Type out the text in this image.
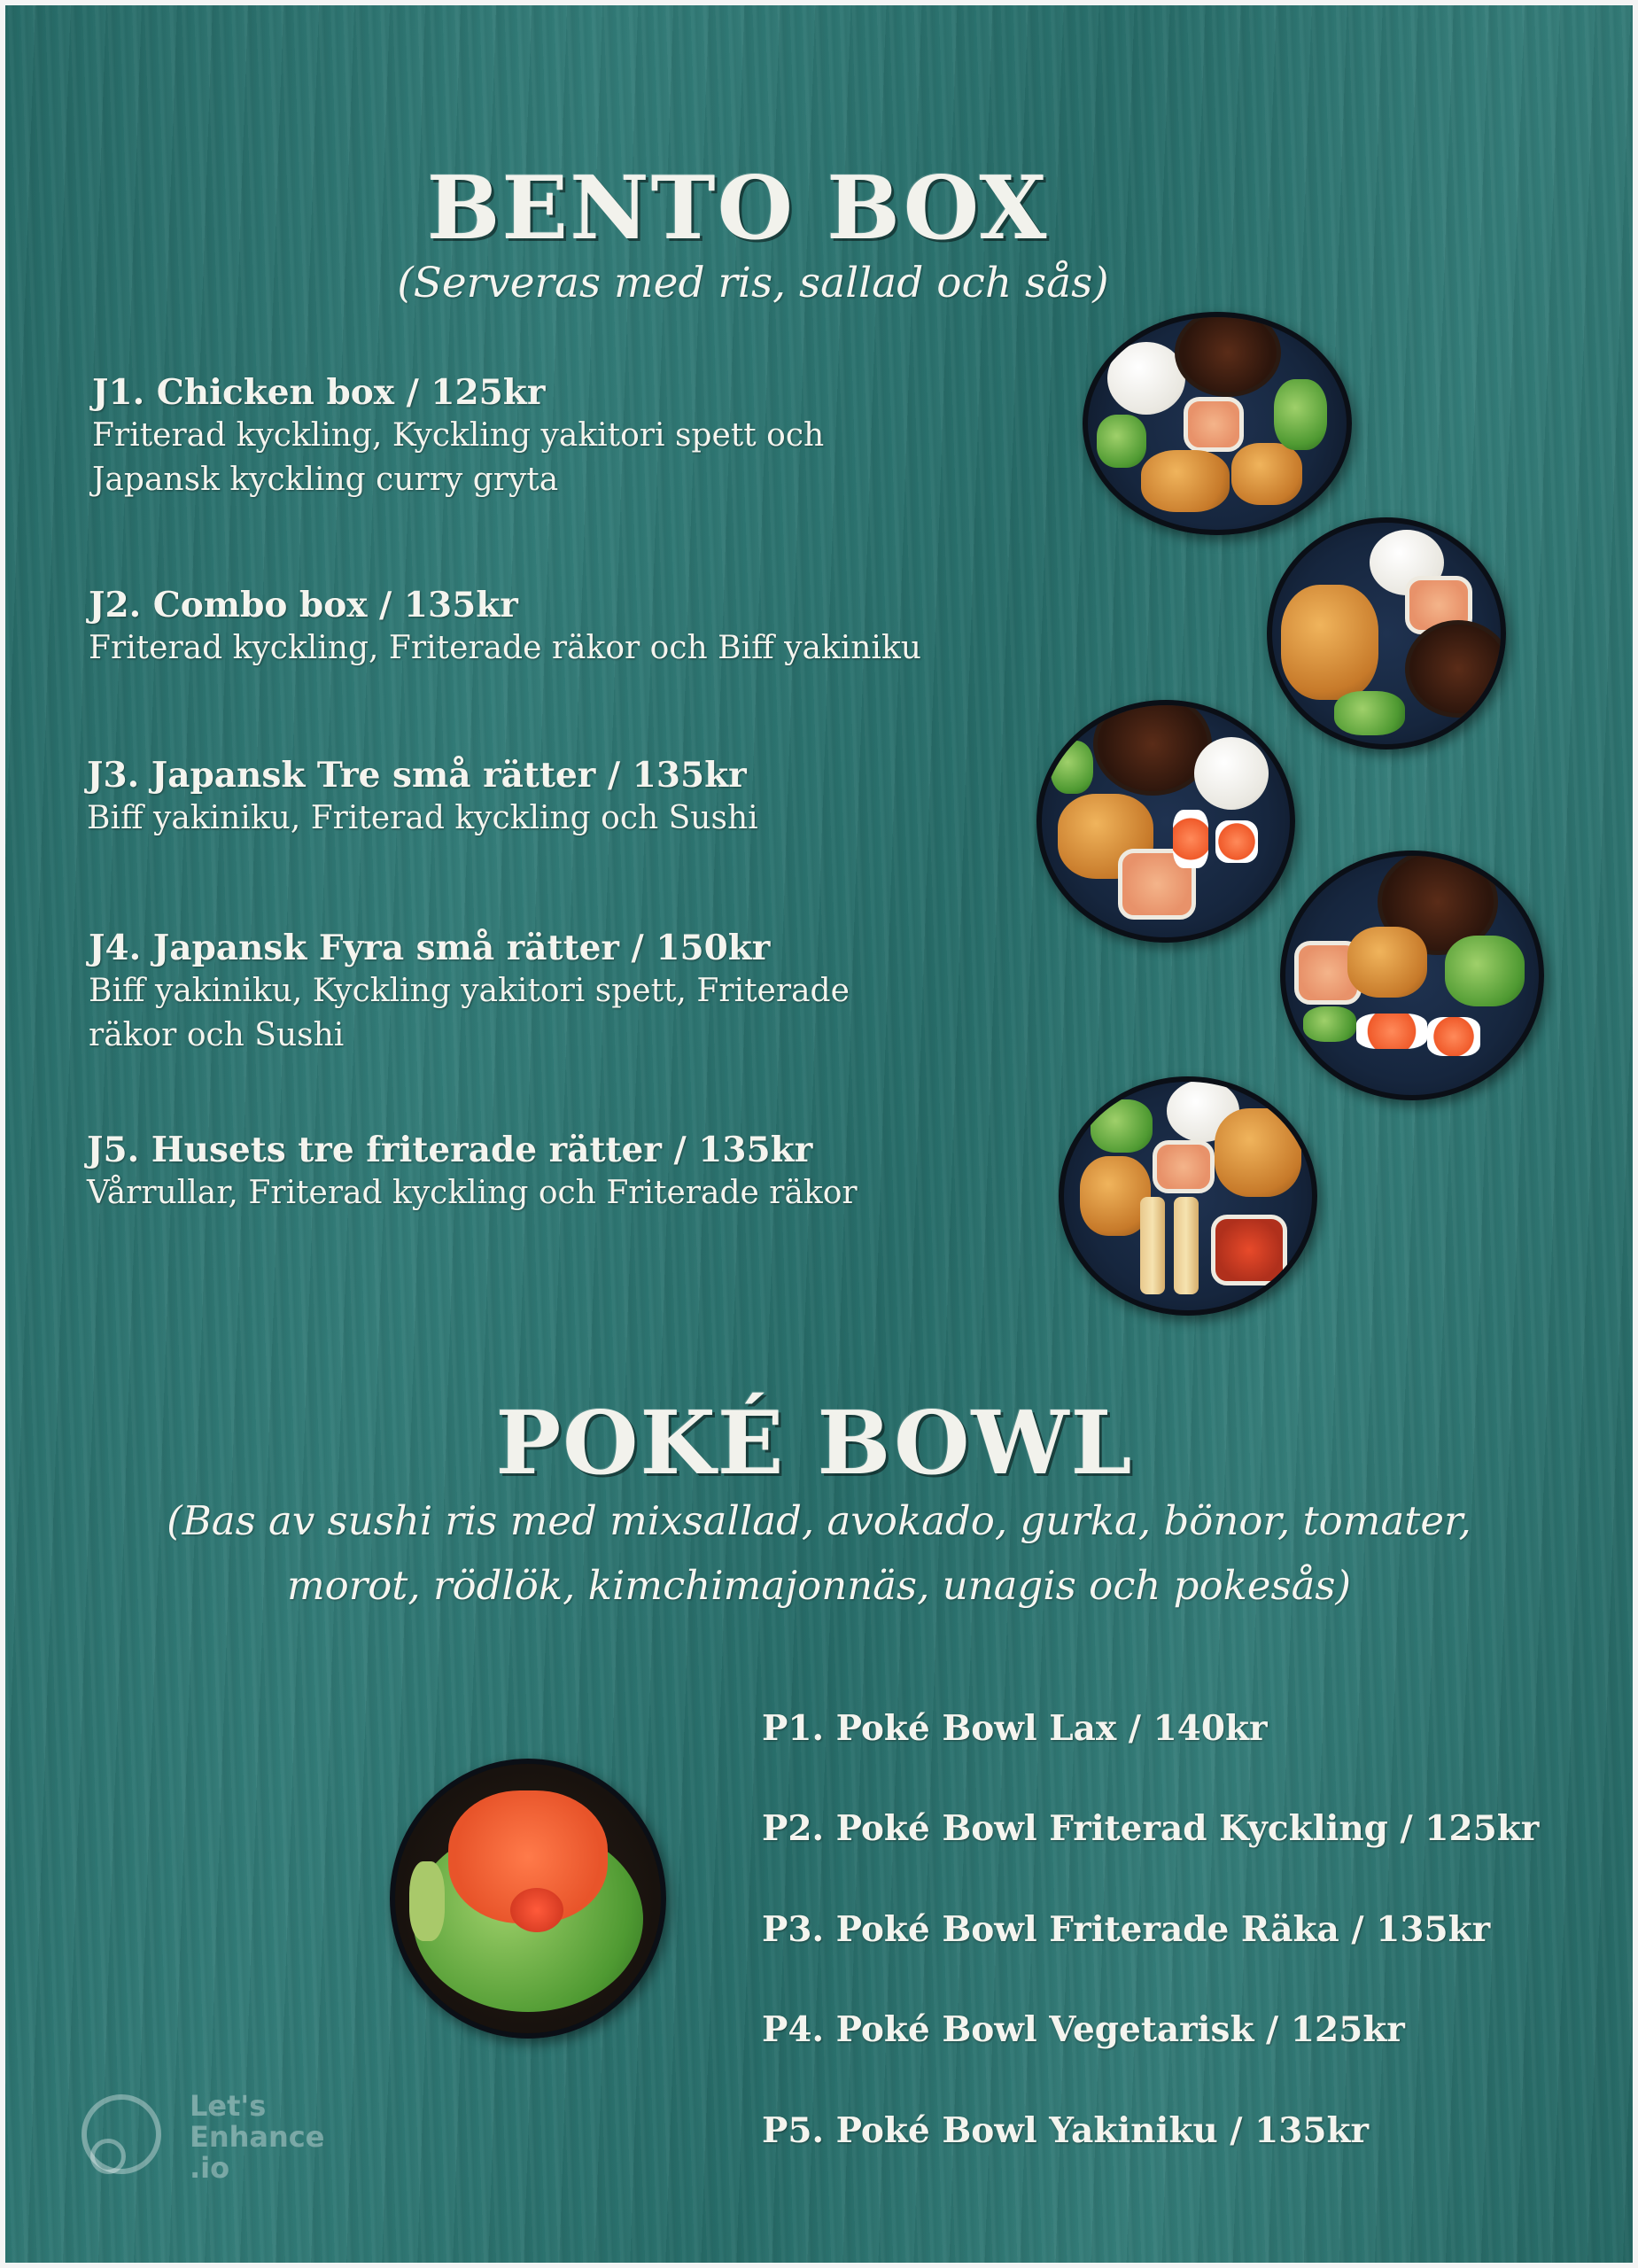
BENTO BOX
(Serveras med ris, sallad och sås)
J1. Chicken box / 125kr
Friterad kyckling, Kyckling yakitori spett och Japansk kyckling curry gryta
J2. Combo box / 135kr
Friterad kyckling, Friterade räkor och Biff yakiniku
J3. Japansk Tre små rätter / 135kr
Biff yakiniku, Friterad kyckling och Sushi
J4. Japansk Fyra små rätter / 150kr
Biff yakiniku, Kyckling yakitori spett, Friterade räkor och Sushi
J5. Husets tre friterade rätter / 135kr
Vårrullar, Friterad kyckling och Friterade räkor
POKÉ BOWL
(Bas av sushi ris med mixsallad, avokado, gurka, bönor, tomater,
morot, rödlök, kimchimajonnäs, unagis och pokesås)
P1. Poké Bowl Lax / 140kr
P2. Poké Bowl Friterad Kyckling / 125kr
P3. Poké Bowl Friterade Räka / 135kr
P4. Poké Bowl Vegetarisk / 125kr
P5. Poké Bowl Yakiniku / 135kr
Let's
Enhance
.io
